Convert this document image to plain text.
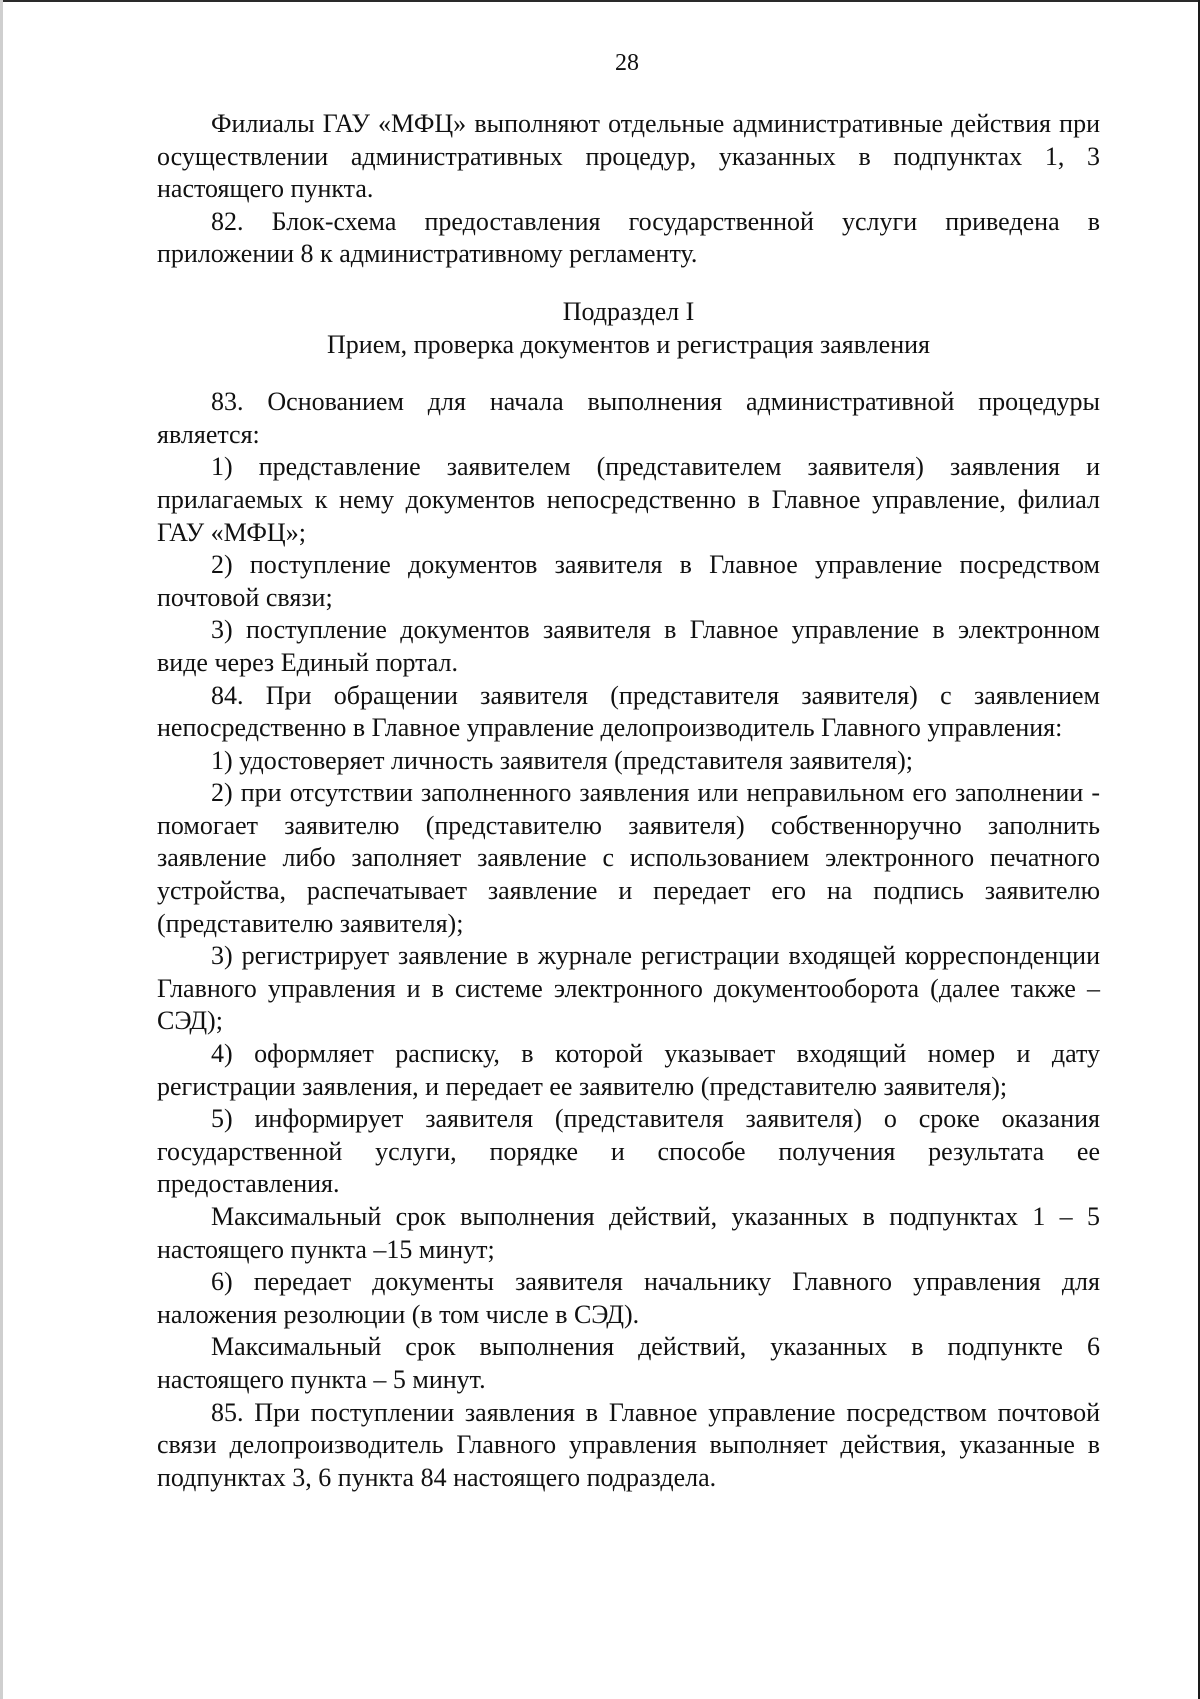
28

Филиалы ГАУ «МФЦ» выполняют отдельные административные действия при осуществлении административных процедур, указанных в подпунктах 1, 3 настоящего пункта.

82. Блок-схема предоставления государственной услуги приведена в приложении 8 к административному регламенту.

Подраздел I

Прием, проверка документов и регистрация заявления

83. Основанием для начала выполнения административной процедуры является:

1) представление заявителем (представителем заявителя) заявления и прилагаемых к нему документов непосредственно в Главное управление, филиал ГАУ «МФЦ»;

2) поступление документов заявителя в Главное управление посредством почтовой связи;

3) поступление документов заявителя в Главное управление в электронном виде через Единый портал.

84. При обращении заявителя (представителя заявителя) с заявлением непосредственно в Главное управление делопроизводитель Главного управления:

1) удостоверяет личность заявителя (представителя заявителя);

2) при отсутствии заполненного заявления или неправильном его заполнении - помогает заявителю (представителю заявителя) собственноручно заполнить заявление либо заполняет заявление с использованием электронного печатного устройства, распечатывает заявление и передает его на подпись заявителю (представителю заявителя);

3) регистрирует заявление в журнале регистрации входящей корреспонденции Главного управления и в системе электронного документооборота (далее также – СЭД);

4) оформляет расписку, в которой указывает входящий номер и дату регистрации заявления, и передает ее заявителю (представителю заявителя);

5) информирует заявителя (представителя заявителя) о сроке оказания государственной услуги, порядке и способе получения результата ее предоставления.

Максимальный срок выполнения действий, указанных в подпунктах 1 – 5 настоящего пункта –15 минут;

6) передает документы заявителя начальнику Главного управления для наложения резолюции (в том числе в СЭД).

Максимальный срок выполнения действий, указанных в подпункте 6 настоящего пункта – 5 минут.

85. При поступлении заявления в Главное управление посредством почтовой связи делопроизводитель Главного управления выполняет действия, указанные в подпунктах 3, 6 пункта 84 настоящего подраздела.
